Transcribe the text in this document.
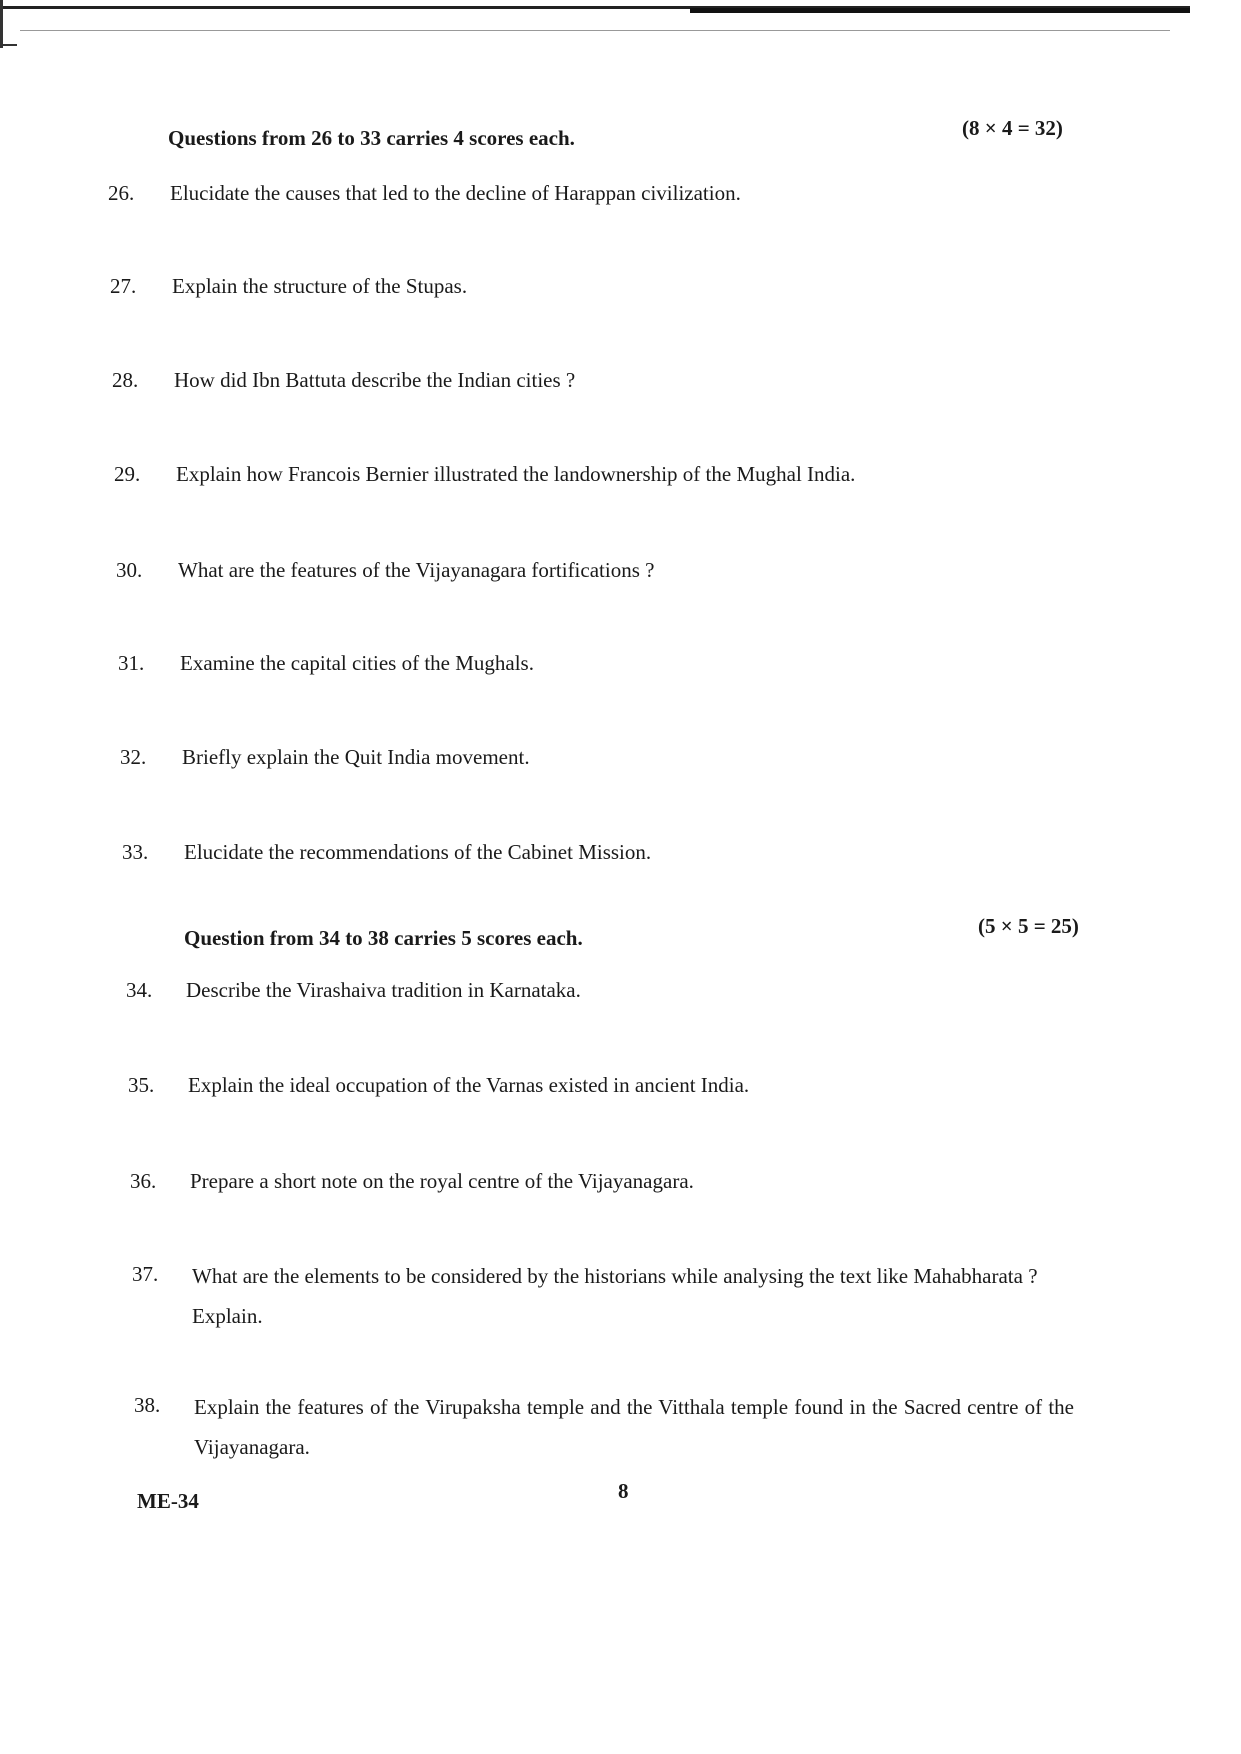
Questions from 26 to 33 carries 4 scores each.	(8 × 4 = 32)
26.	Elucidate the causes that led to the decline of Harappan civilization.
27.	Explain the structure of the Stupas.
28.	How did Ibn Battuta describe the Indian cities ?
29.	Explain how Francois Bernier illustrated the landownership of the Mughal India.
30.	What are the features of the Vijayanagara fortifications ?
31.	Examine the capital cities of the Mughals.
32.	Briefly explain the Quit India movement.
33.	Elucidate the recommendations of the Cabinet Mission.
Question from 34 to 38 carries 5 scores each.	(5 × 5 = 25)
34.	Describe the Virashaiva tradition in Karnataka.
35.	Explain the ideal occupation of the Varnas existed in ancient India.
36.	Prepare a short note on the royal centre of the Vijayanagara.
37.	What are the elements to be considered by the historians while analysing the text like Mahabharata ? Explain.
38.	Explain the features of the Virupaksha temple and the Vitthala temple found in the Sacred centre of the Vijayanagara.
ME-34	8
